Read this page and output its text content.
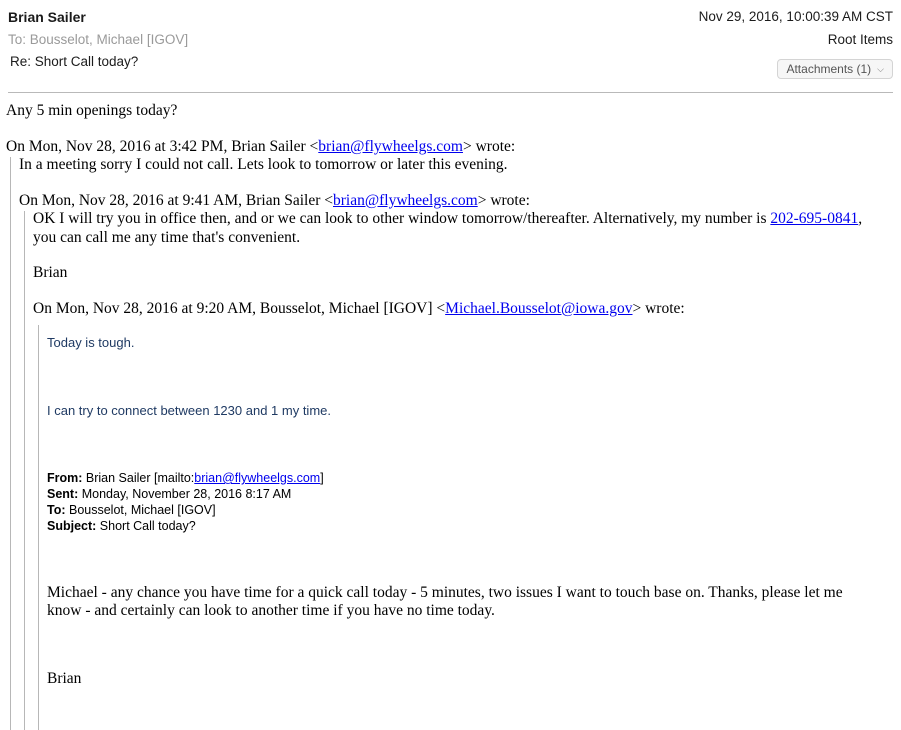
Brian Sailer
To: Bousselot, Michael [IGOV]
Re: Short Call today?
Nov 29, 2016, 10:00:39 AM CST
Root Items
Attachments (1) ⌵
Any 5 min openings today?
On Mon, Nov 28, 2016 at 3:42 PM, Brian Sailer <brian@flywheelgs.com> wrote:
In a meeting sorry I could not call. Lets look to tomorrow or later this evening.
On Mon, Nov 28, 2016 at 9:41 AM, Brian Sailer <brian@flywheelgs.com> wrote:
OK I will try you in office then, and or we can look to other window tomorrow/thereafter. Alternatively, my number is 202-695-0841,
you can call me any time that's convenient.
Brian
On Mon, Nov 28, 2016 at 9:20 AM, Bousselot, Michael [IGOV] <Michael.Bousselot@iowa.gov> wrote:
Today is tough.
I can try to connect between 1230 and 1 my time.
From: Brian Sailer [mailto:brian@flywheelgs.com]
Sent: Monday, November 28, 2016 8:17 AM
To: Bousselot, Michael [IGOV]
Subject: Short Call today?
Michael - any chance you have time for a quick call today - 5 minutes, two issues I want to touch base on. Thanks, please let me
know - and certainly can look to another time if you have no time today.
Brian
